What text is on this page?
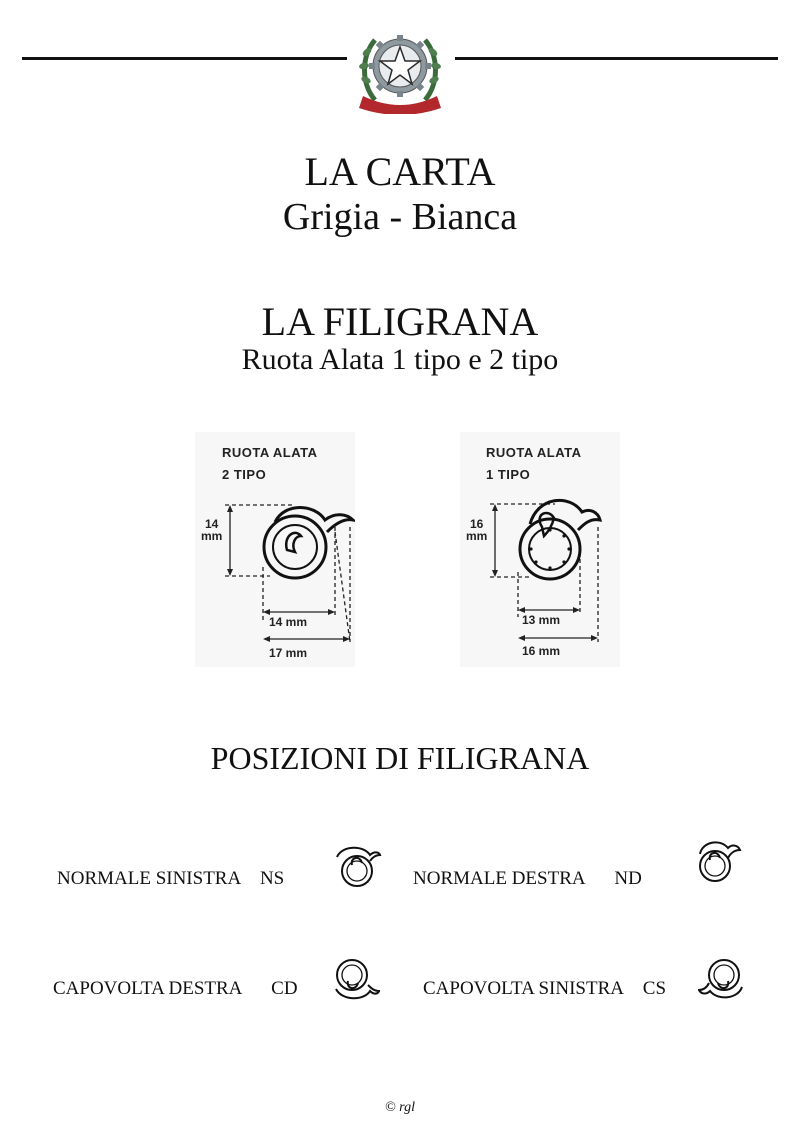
LA CARTA
Grigia - Bianca
LA FILIGRANA
Ruota Alata 1 tipo e 2 tipo
RUOTA ALATA
2 TIPO
14
mm
14 mm
17 mm
RUOTA ALATA
1 TIPO
16
mm
13 mm
16 mm
POSIZIONI DI FILIGRANA
NORMALE SINISTRA NS	NORMALE DESTRA ND
CAPOVOLTA DESTRA CD	CAPOVOLTA SINISTRA CS
© rgl
